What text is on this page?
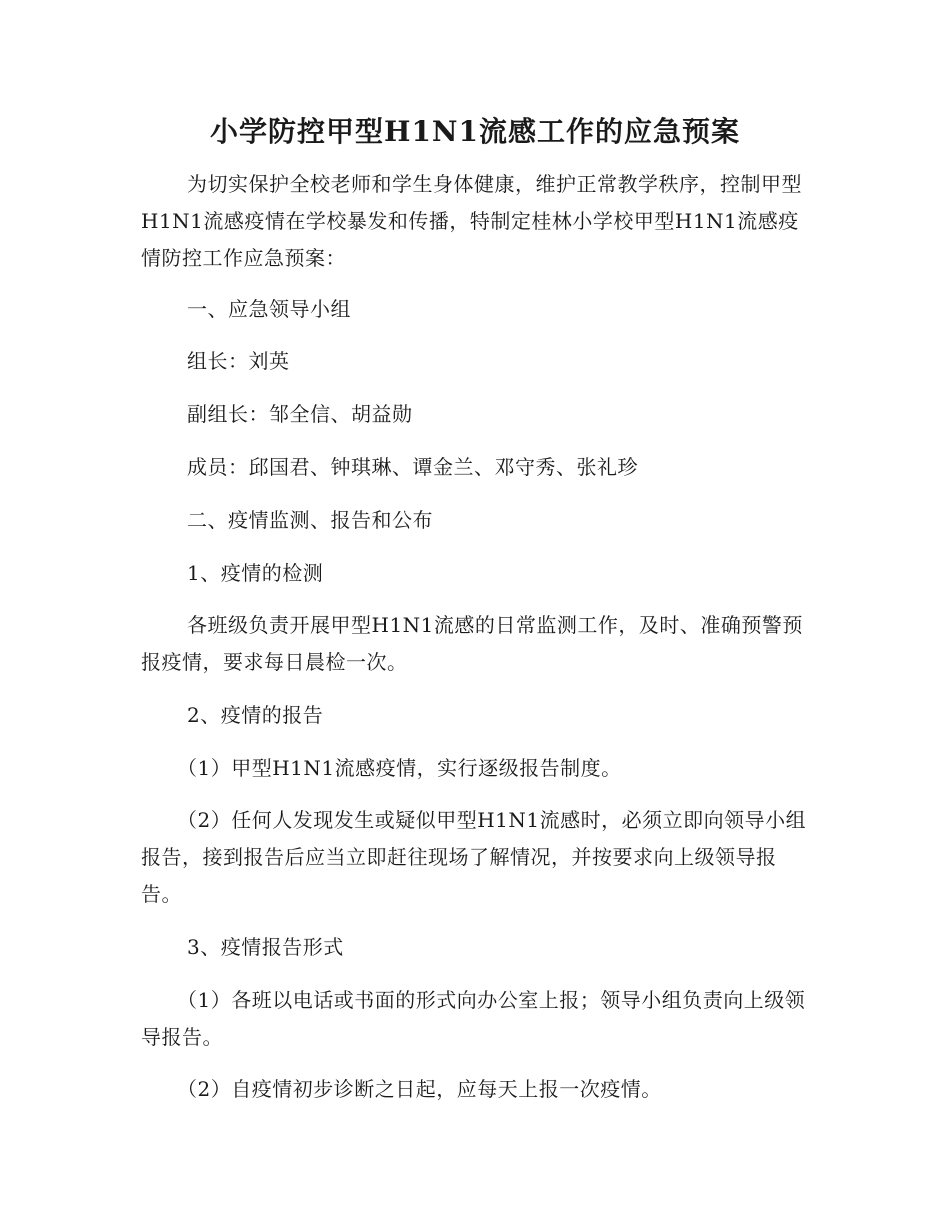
小学防控甲型H1N1流感工作的应急预案
为切实保护全校老师和学生身体健康，维护正常教学秩序，控制甲型H1N1流感疫情在学校暴发和传播，特制定桂林小学校甲型H1N1流感疫情防控工作应急预案：
一、应急领导小组
组长：刘英
副组长：邹全信、胡益勋
成员：邱国君、钟琪琳、谭金兰、邓守秀、张礼珍
二、疫情监测、报告和公布
1、疫情的检测
各班级负责开展甲型H1N1流感的日常监测工作，及时、准确预警预报疫情，要求每日晨检一次。
2、疫情的报告
（1）甲型H1N1流感疫情，实行逐级报告制度。
（2）任何人发现发生或疑似甲型H1N1流感时，必须立即向领导小组报告，接到报告后应当立即赶往现场了解情况，并按要求向上级领导报告。
3、疫情报告形式
（1）各班以电话或书面的形式向办公室上报；领导小组负责向上级领导报告。
（2）自疫情初步诊断之日起，应每天上报一次疫情。
